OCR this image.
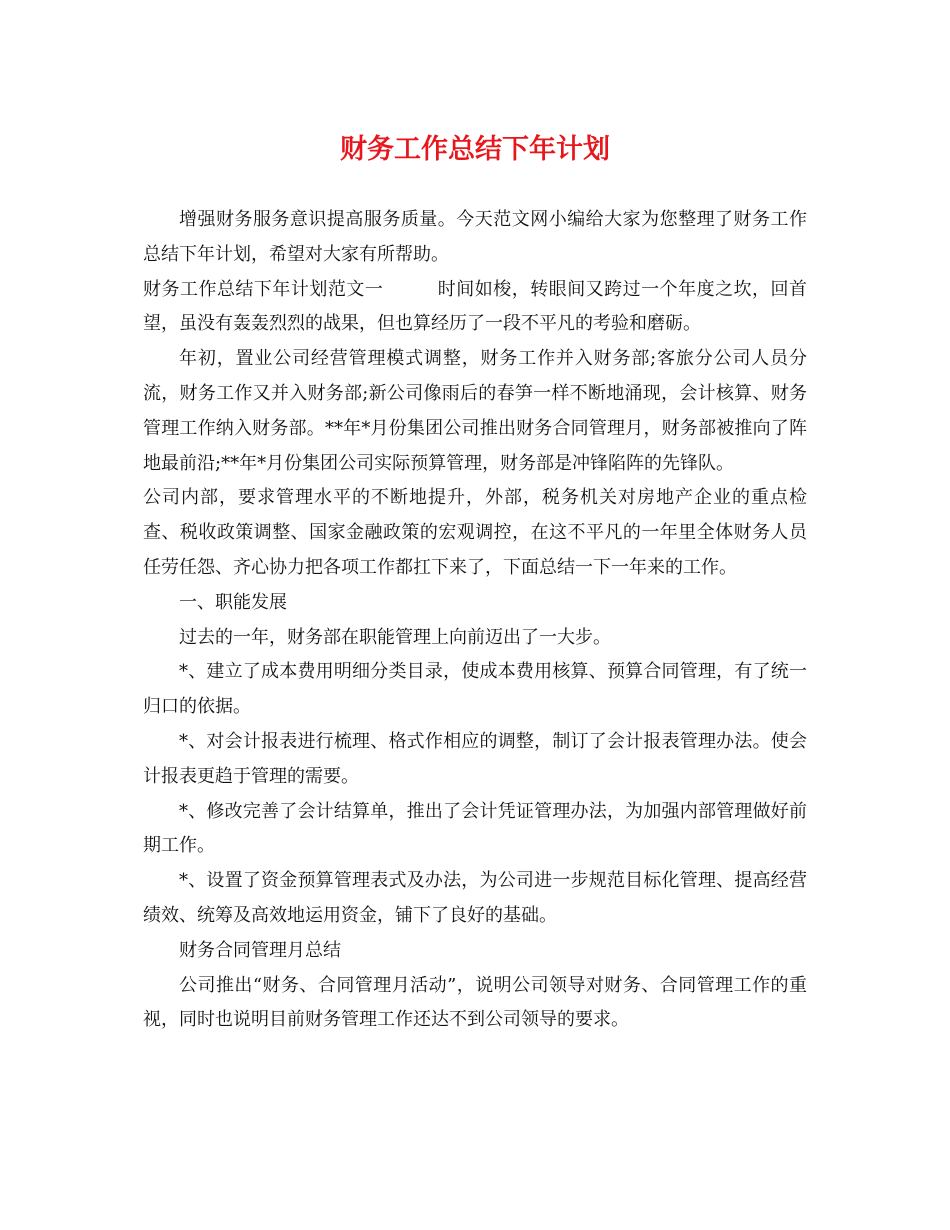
财务工作总结下年计划

增强财务服务意识提高服务质量。今天范文网小编给大家为您整理了财务工作总结下年计划，希望对大家有所帮助。

财务工作总结下年计划范文一	时间如梭，转眼间又跨过一个年度之坎，回首望，虽没有轰轰烈烈的战果，但也算经历了一段不平凡的考验和磨砺。

年初，置业公司经营管理模式调整，财务工作并入财务部;客旅分公司人员分流，财务工作又并入财务部;新公司像雨后的春笋一样不断地涌现，会计核算、财务管理工作纳入财务部。**年*月份集团公司推出财务合同管理月，财务部被推向了阵地最前沿;**年*月份集团公司实际预算管理，财务部是冲锋陷阵的先锋队。

公司内部，要求管理水平的不断地提升，外部，税务机关对房地产企业的重点检查、税收政策调整、国家金融政策的宏观调控，在这不平凡的一年里全体财务人员任劳任怨、齐心协力把各项工作都扛下来了，下面总结一下一年来的工作。

一、职能发展

过去的一年，财务部在职能管理上向前迈出了一大步。

*、建立了成本费用明细分类目录，使成本费用核算、预算合同管理，有了统一归口的依据。

*、对会计报表进行梳理、格式作相应的调整，制订了会计报表管理办法。使会计报表更趋于管理的需要。

*、修改完善了会计结算单，推出了会计凭证管理办法，为加强内部管理做好前期工作。

*、设置了资金预算管理表式及办法，为公司进一步规范目标化管理、提高经营绩效、统筹及高效地运用资金，铺下了良好的基础。

财务合同管理月总结

公司推出“财务、合同管理月活动”，说明公司领导对财务、合同管理工作的重视，同时也说明目前财务管理工作还达不到公司领导的要求。
